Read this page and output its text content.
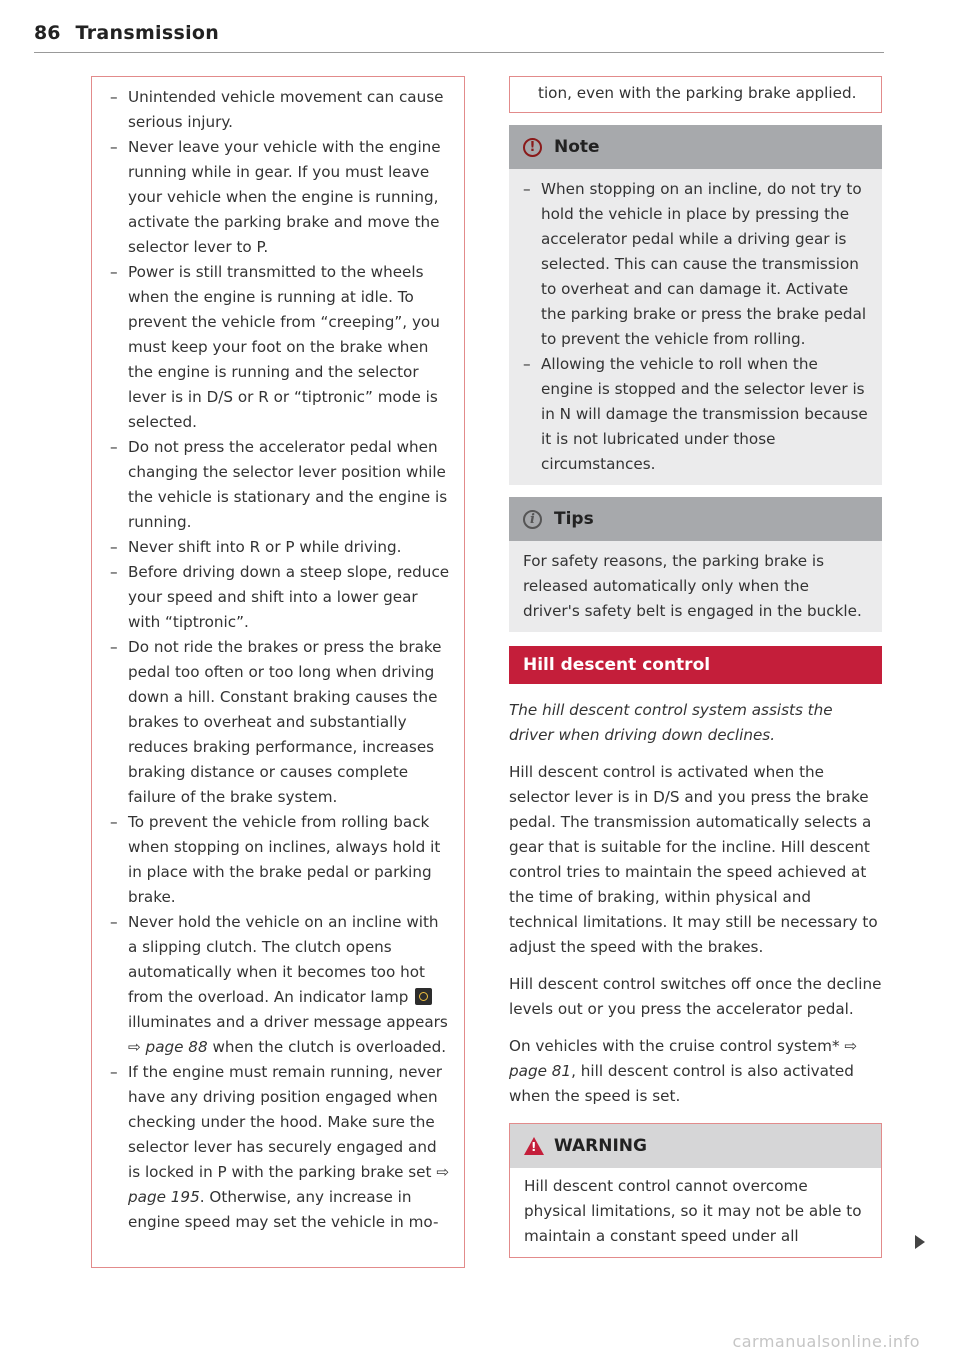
86 Transmission
– Unintended vehicle movement can cause serious injury.
– Never leave your vehicle with the engine running while in gear. If you must leave your vehicle when the engine is running, activate the parking brake and move the selector lever to P.
– Power is still transmitted to the wheels when the engine is running at idle. To prevent the vehicle from “creeping”, you must keep your foot on the brake when the engine is running and the selector lever is in D/S or R or “tiptronic” mode is selected.
– Do not press the accelerator pedal when changing the selector lever position while the vehicle is stationary and the engine is running.
– Never shift into R or P while driving.
– Before driving down a steep slope, reduce your speed and shift into a lower gear with “tiptronic”.
– Do not ride the brakes or press the brake pedal too often or too long when driving down a hill. Constant braking causes the brakes to overheat and substantially reduces braking performance, increases braking distance or causes complete failure of the brake system.
– To prevent the vehicle from rolling back when stopping on inclines, always hold it in place with the brake pedal or parking brake.
– Never hold the vehicle on an incline with a slipping clutch. The clutch opens automatically when it becomes too hot from the overload. An indicator lamp  illuminates and a driver message appears ⇨ page 88 when the clutch is overloaded.
– If the engine must remain running, never have any driving position engaged when checking under the hood. Make sure the selector lever has securely engaged and is locked in P with the parking brake set ⇨ page 195. Otherwise, any increase in engine speed may set the vehicle in mo-
tion, even with the parking brake applied.
!	Note
– When stopping on an incline, do not try to hold the vehicle in place by pressing the accelerator pedal while a driving gear is selected. This can cause the transmission to overheat and can damage it. Activate the parking brake or press the brake pedal to prevent the vehicle from rolling.
– Allowing the vehicle to roll when the engine is stopped and the selector lever is in N will damage the transmission because it is not lubricated under those circumstances.
i	Tips
For safety reasons, the parking brake is released automatically only when the driver's safety belt is engaged in the buckle.
Hill descent control

The hill descent control system assists the driver when driving down declines.

Hill descent control is activated when the selector lever is in D/S and you press the brake pedal. The transmission automatically selects a gear that is suitable for the incline. Hill descent control tries to maintain the speed achieved at the time of braking, within physical and technical limitations. It may still be necessary to adjust the speed with the brakes.

Hill descent control switches off once the decline levels out or you press the accelerator pedal.

On vehicles with the cruise control system* ⇨ page 81, hill descent control is also activated when the speed is set.

!
WARNING
Hill descent control cannot overcome physical limitations, so it may not be able to maintain a constant speed under all
carmanualsonline.info
